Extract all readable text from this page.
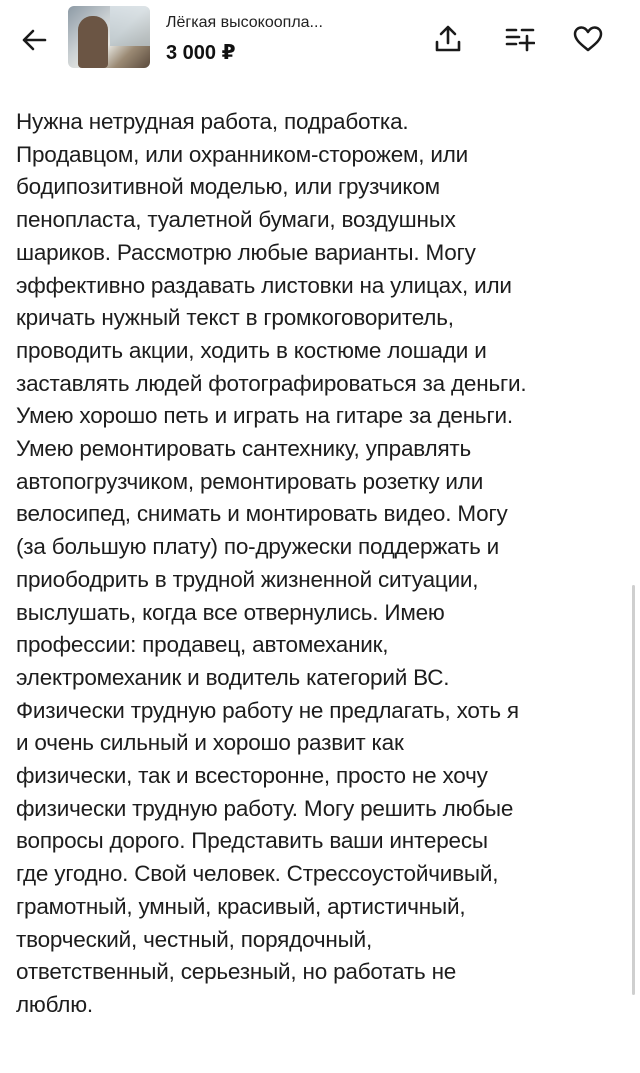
Лёгкая высокоопла...
3 000 ₽

Нужна нетрудная работа, подработка.
Продавцом, или охранником-сторожем, или
бодипозитивной моделью, или грузчиком
пенопласта, туалетной бумаги, воздушных
шариков. Рассмотрю любые варианты. Могу
эффективно раздавать листовки на улицах, или
кричать нужный текст в громкоговоритель,
проводить акции, ходить в костюме лошади и
заставлять людей фотографироваться за деньги.
Умею хорошо петь и играть на гитаре за деньги.
Умею ремонтировать сантехнику, управлять
автопогрузчиком, ремонтировать розетку или
велосипед, снимать и монтировать видео. Могу
(за большую плату) по-дружески поддержать и
приободрить в трудной жизненной ситуации,
выслушать, когда все отвернулись. Имею
профессии: продавец, автомеханик,
электромеханик и водитель категорий ВС.
Физически трудную работу не предлагать, хоть я
и очень сильный и хорошо развит как
физически, так и всесторонне, просто не хочу
физически трудную работу. Могу решить любые
вопросы дорого. Представить ваши интересы
где угодно. Свой человек. Стрессоустойчивый,
грамотный, умный, красивый, артистичный,
творческий, честный, порядочный,
ответственный, серьезный, но работать не
люблю.
